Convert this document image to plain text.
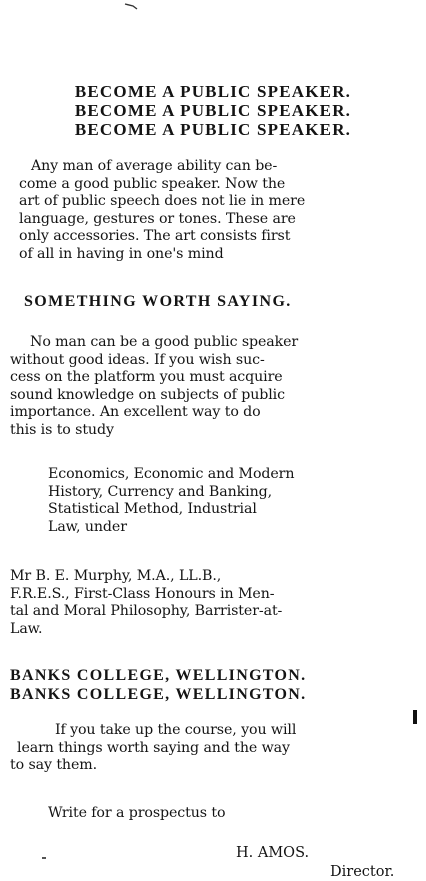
BECOME A PUBLIC SPEAKER.
BECOME A PUBLIC SPEAKER.
BECOME A PUBLIC SPEAKER.
Any man of average ability can be-
come a good public speaker. Now the
art of public speech does not lie in mere
language, gestures or tones. These are
only accessories. The art consists first
of all in having in one's mind
SOMETHING WORTH SAYING.
No man can be a good public speaker
without good ideas. If you wish suc-
cess on the platform you must acquire
sound knowledge on subjects of public
importance. An excellent way to do
this is to study
Economics, Economic and Modern
History, Currency and Banking,
Statistical Method, Industrial
Law, under
Mr B. E. Murphy, M.A., LL.B.,
F.R.E.S., First-Class Honours in Men-
tal and Moral Philosophy, Barrister-at-
Law.
BANKS COLLEGE, WELLINGTON.
BANKS COLLEGE, WELLINGTON.
If you take up the course, you will
learn things worth saying and the way
to say them.
Write for a prospectus to
H. AMOS.
Director.
